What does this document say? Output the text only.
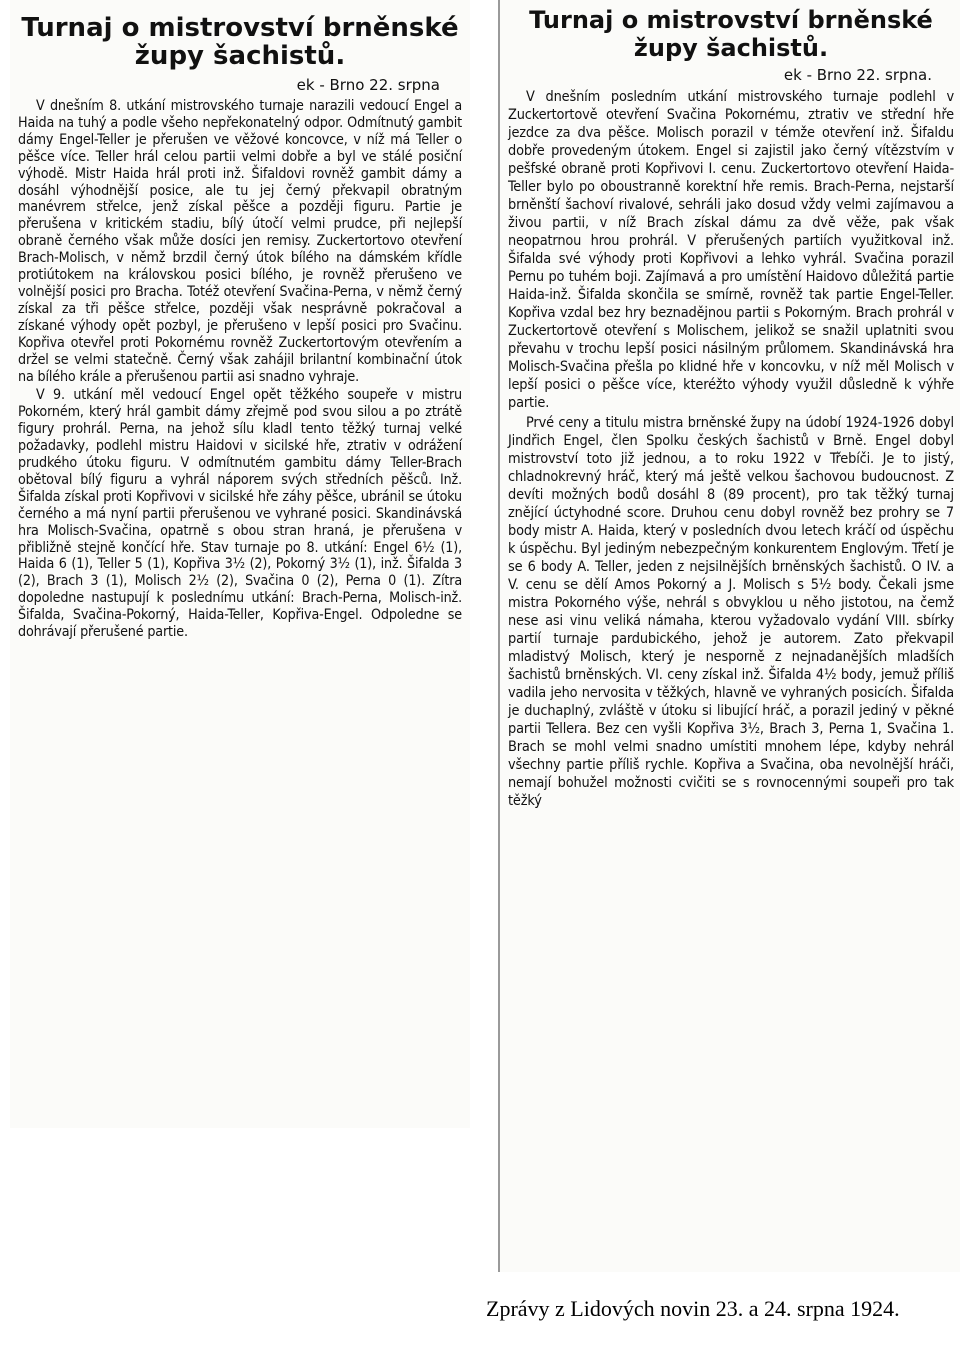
Turnaj o mistrovství brněnské župy šachistů.
ek - Brno 22. srpna

V dnešním 8. utkání mistrovského turnaje narazili vedoucí Engel a Haida na tuhý a podle všeho nepřekonatelný odpor. Odmítnutý gambit dámy Engel-Teller je přerušen ve věžové koncovce, v níž má Teller o pěšce více. Teller hrál celou partii velmi dobře a byl ve stálé posiční výhodě. Mistr Haida hrál proti inž. Šifaldovi rovněž gambit dámy a dosáhl výhodnější posice, ale tu jej černý překvapil obratným manévrem střelce, jenž získal pěšce a později figuru. Partie je přerušena v kritickém stadiu, bílý útočí velmi prudce, při nejlepší obraně černého však může dosíci jen remisy. Zuckertortovo otevření Brach-Molisch, v němž brzdil černý útok bílého na dámském křídle protiútokem na královskou posici bílého, je rovněž přerušeno ve volnější posici pro Bracha. Totéž otevření Svačina-Perna, v němž černý získal za tři pěšce střelce, později však nesprávně pokračoval a získané výhody opět pozbyl, je přerušeno v lepší posici pro Svačinu. Kopřiva otevřel proti Pokornému rovněž Zuckertortovým otevřením a držel se velmi statečně. Černý však zahájil brilantní kombinační útok na bílého krále a přerušenou partii asi snadno vyhraje.

V 9. utkání měl vedoucí Engel opět těžkého soupeře v mistru Pokorném, který hrál gambit dámy zřejmě pod svou silou a po ztrátě figury prohrál. Perna, na jehož sílu kladl tento těžký turnaj velké požadavky, podlehl mistru Haidovi v sicilské hře, ztrativ v odrážení prudkého útoku figuru. V odmítnutém gambitu dámy Teller-Brach obětoval bílý figuru a vyhrál náporem svých středních pěšců. Inž. Šifalda získal proti Kopřivovi v sicilské hře záhy pěšce, ubránil se útoku černého a má nyní partii přerušenou ve vyhrané posici. Skandinávská hra Molisch-Svačina, opatrně s obou stran hraná, je přerušena v přibližně stejně končící hře. Stav turnaje po 8. utkání: Engel 6½ (1), Haida 6 (1), Teller 5 (1), Kopřiva 3½ (2), Pokorný 3½ (1), inž. Šifalda 3 (2), Brach 3 (1), Molisch 2½ (2), Svačina 0 (2), Perna 0 (1). Zítra dopoledne nastupují k poslednímu utkání: Brach-Perna, Molisch-inž. Šifalda, Svačina-Pokorný, Haida-Teller, Kopřiva-Engel. Odpoledne se dohrávají přerušené partie.

Turnaj o mistrovství brněnské župy šachistů.
ek - Brno 22. srpna.

V dnešním posledním utkání mistrovského turnaje podlehl v Zuckertortově otevření Svačina Pokornému, ztrativ ve střední hře jezdce za dva pěšce. Molisch porazil v témže otevření inž. Šifaldu dobře provedeným útokem. Engel si zajistil jako černý vítězstvím v pešfské obraně proti Kopřivovi I. cenu. Zuckertortovo otevření Haida-Teller bylo po oboustranně korektní hře remis. Brach-Perna, nejstarší brněnští šachoví rivalové, sehráli jako dosud vždy velmi zajímavou a živou partii, v níž Brach získal dámu za dvě věže, pak však neopatrnou hrou prohrál. V přerušených partiích využitkoval inž. Šifalda své výhody proti Kopřivovi a lehko vyhrál. Svačina porazil Pernu po tuhém boji. Zajímavá a pro umístění Haidovo důležitá partie Haida-inž. Šifalda skončila se smírně, rovněž tak partie Engel-Teller. Kopřiva vzdal bez hry beznadějnou partii s Pokorným. Brach prohrál v Zuckertortově otevření s Molischem, jelikož se snažil uplatniti svou převahu v trochu lepší posici násilným průlomem. Skandinávská hra Molisch-Svačina přešla po klidné hře v koncovku, v níž měl Molisch v lepší posici o pěšce více, kteréžto výhody využil důsledně k výhře partie.

Prvé ceny a titulu mistra brněnské župy na údobí 1924-1926 dobyl Jindřich Engel, člen Spolku českých šachistů v Brně. Engel dobyl mistrovství toto již jednou, a to roku 1922 v Třebíči. Je to jistý, chladnokrevný hráč, který má ještě velkou šachovou budoucnost. Z devíti možných bodů dosáhl 8 (89 procent), pro tak těžký turnaj znějící úctyhodné score. Druhou cenu dobyl rovněž bez prohry se 7 body mistr A. Haida, který v posledních dvou letech kráčí od úspěchu k úspěchu. Byl jediným nebezpečným konkurentem Englovým. Třetí je se 6 body A. Teller, jeden z nejsilnějších brněnských šachistů. O IV. a V. cenu se dělí Amos Pokorný a J. Molisch s 5½ body. Čekali jsme mistra Pokorného výše, nehrál s obvyklou u něho jistotou, na čemž nese asi vinu veliká námaha, kterou vyžadovalo vydání VIII. sbírky partií turnaje pardubického, jehož je autorem. Zato překvapil mladistvý Molisch, který je nesporně z nejnadanějších mladších šachistů brněnských. VI. ceny získal inž. Šifalda 4½ body, jemuž příliš vadila jeho nervosita v těžkých, hlavně ve vyhraných posicích. Šifalda je duchaplný, zvláště v útoku si libující hráč, a porazil jediný v pěkné partii Tellera. Bez cen vyšli Kopřiva 3½, Brach 3, Perna 1, Svačina 1. Brach se mohl velmi snadno umístiti mnohem lépe, kdyby nehrál všechny partie příliš rychle. Kopřiva a Svačina, oba nevolnější hráči, nemají bohužel možnosti cvičiti se s rovnocennými soupeři pro tak těžký

Zprávy z Lidových novin 23. a 24. srpna 1924.
